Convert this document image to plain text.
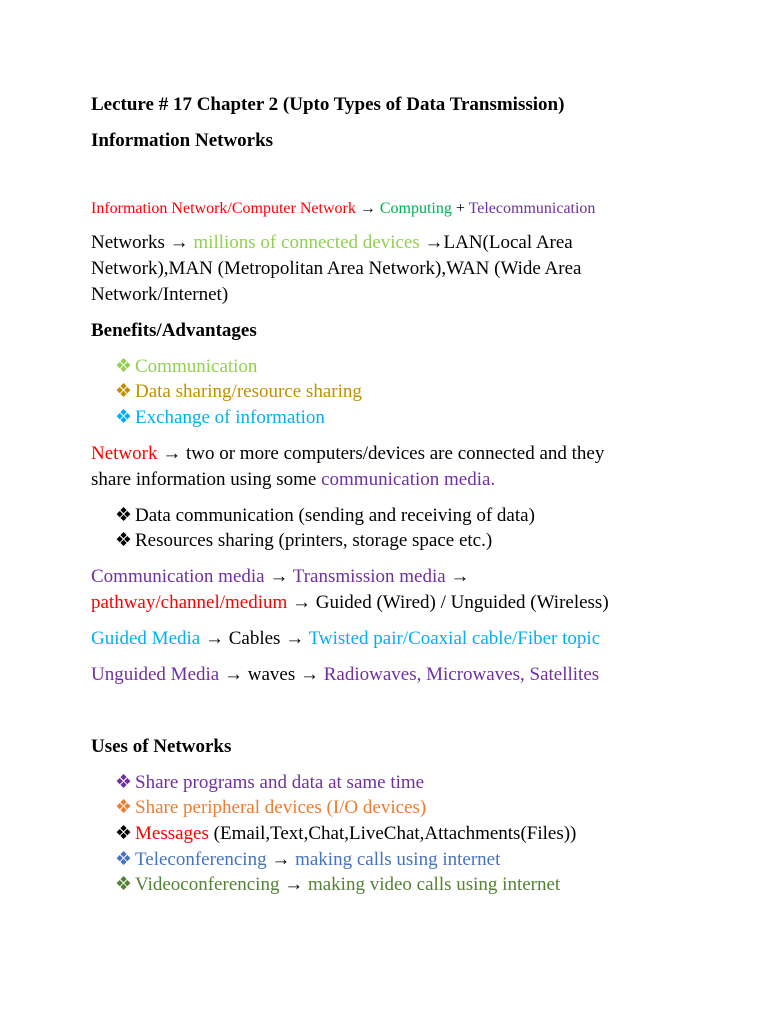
Lecture # 17 Chapter 2 (Upto Types of Data Transmission)
Information Networks
Information Network/Computer Network → Computing + Telecommunication
Networks → millions of connected devices →LAN(Local Area
Network),MAN (Metropolitan Area Network),WAN (Wide Area
Network/Internet)
Benefits/Advantages
❖ Communication
❖ Data sharing/resource sharing
❖ Exchange of information
Network → two or more computers/devices are connected and they
share information using some communication media.
❖ Data communication (sending and receiving of data)
❖ Resources sharing (printers, storage space etc.)
Communication media → Transmission media →
pathway/channel/medium → Guided (Wired) / Unguided (Wireless)
Guided Media → Cables → Twisted pair/Coaxial cable/Fiber topic
Unguided Media → waves → Radiowaves, Microwaves, Satellites
Uses of Networks
❖ Share programs and data at same time
❖ Share peripheral devices (I/O devices)
❖ Messages (Email,Text,Chat,LiveChat,Attachments(Files))
❖ Teleconferencing → making calls using internet
❖ Videoconferencing → making video calls using internet
